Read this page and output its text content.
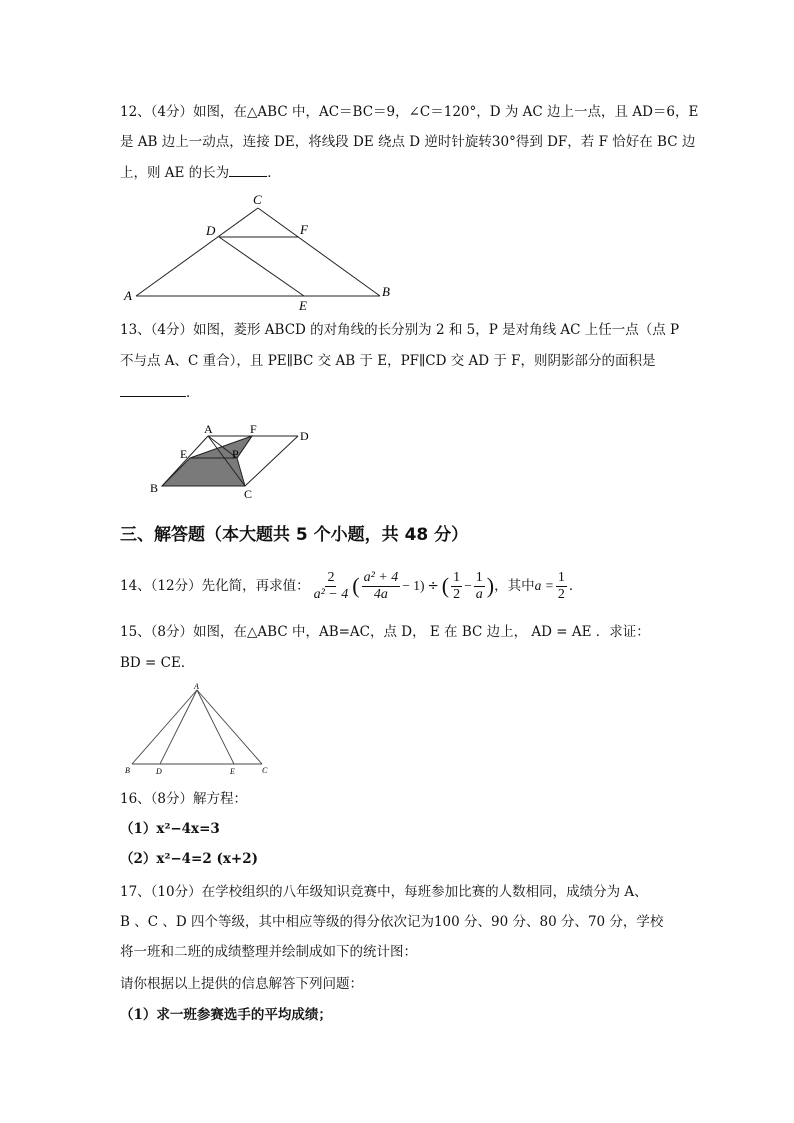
12、（4分）如图，在△ABC 中，AC＝BC＝9，∠C＝120°，D 为 AC 边上一点，且 AD＝6，E
是 AB 边上一动点，连接 DE，将线段 DE 绕点 D 逆时针旋转30°得到 DF，若 F 恰好在 BC 边
上，则 AE 的长为	．
A	B
C
D
E
F
13、（4分）如图，菱形 ABCD 的对角线的长分别为 2 和 5，P 是对角线 AC 上任一点（点 P
不与点 A、C 重合），且 PE∥BC 交 AB 于 E，PF∥CD 交 AD 于 F，则阴影部分的面积是
．
A
B	C
D
E
F
P
三、解答题（本大题共 5 个小题，共 48 分）
14、（12分）先化简，再求值： $\frac{2}{\text{a² − 4}}$ ( $\frac{\text{a² + 4}}{4a} - 1$) ÷ ( $\frac{1}{2} - \frac{1}{a}$ ) ，其中 $a = \frac{1}{2}$ ．
15、（8分）如图，在△ABC 中，AB=AC，点 D， E 在 BC 边上， AD = AE ．求证：
BD = CE．
A
B	C
D	E
16、（8分）解方程：
（1）x²−4x=3
（2）x²−4=2 (x+2)
17、（10分）在学校组织的八年级知识竞赛中，每班参加比赛的人数相同，成绩分为 A、
B 、C 、D 四个等级，其中相应等级的得分依次记为100 分、90 分、80 分、70 分，学校
将一班和二班的成绩整理并绘制成如下的统计图：
请你根据以上提供的信息解答下列问题：
（1）求一班参赛选手的平均成绩；
